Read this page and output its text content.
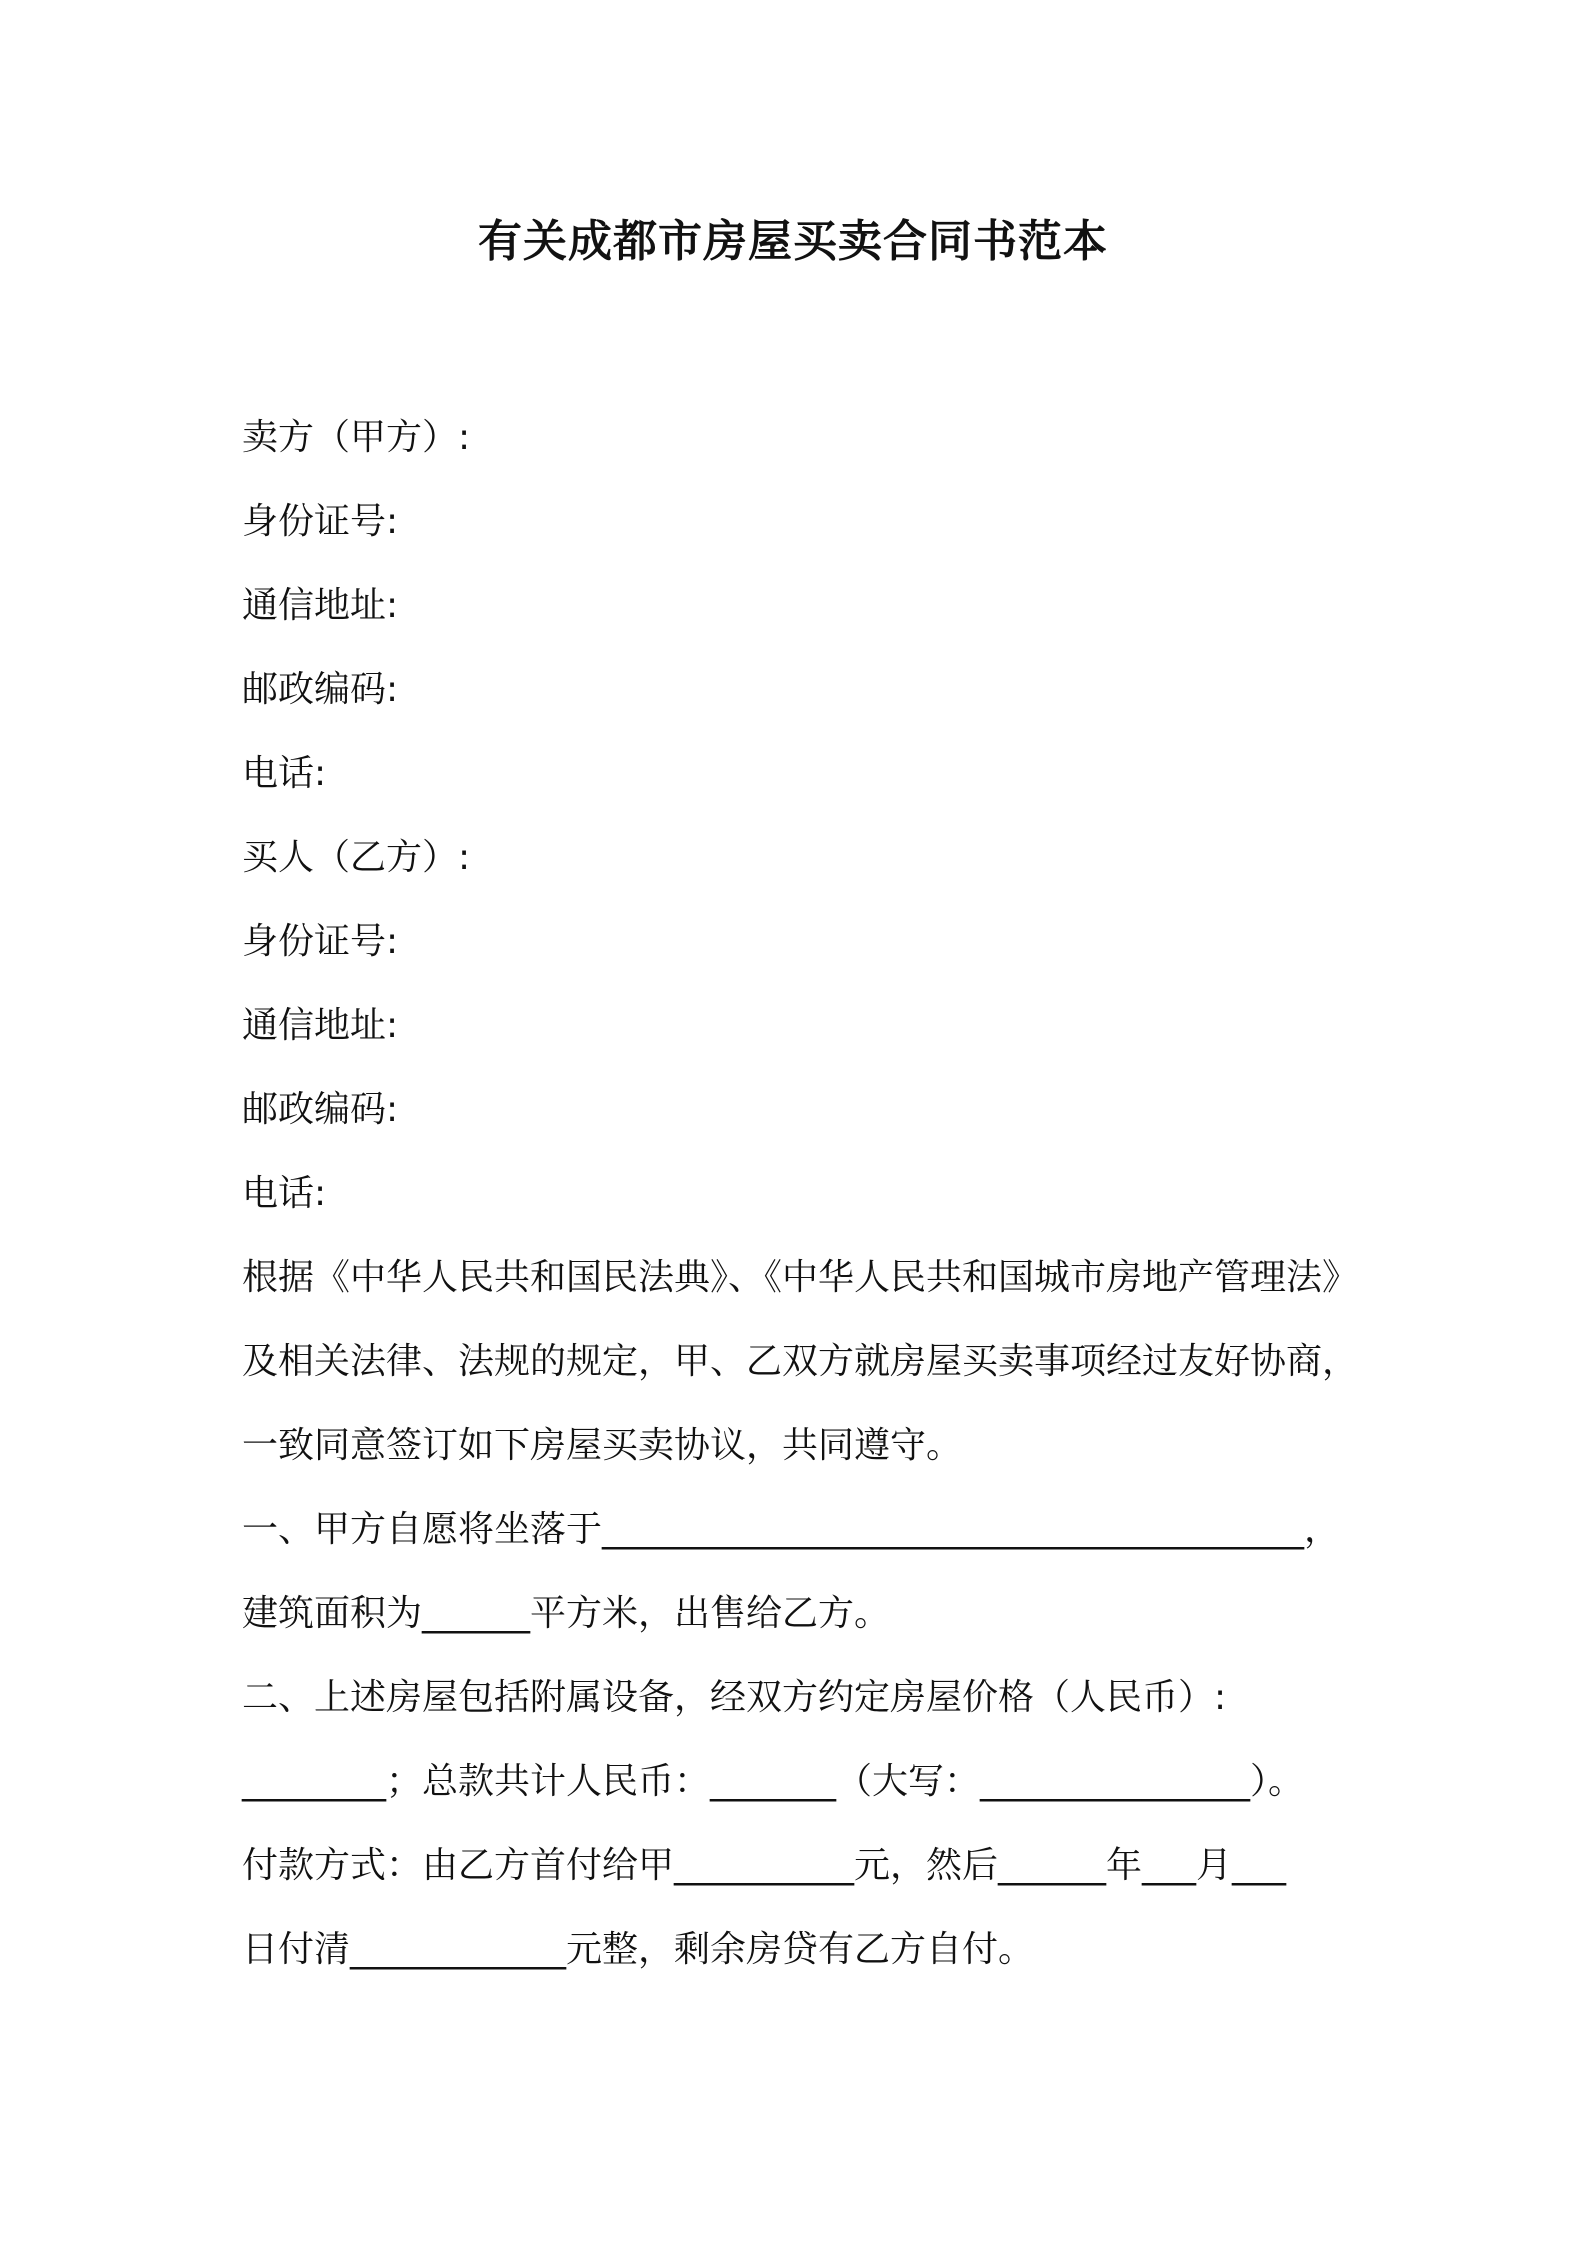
有关成都市房屋买卖合同书范本
卖方（甲方）:
身份证号:
通信地址:
邮政编码:
电话:
买人（乙方）:
身份证号:
通信地址:
邮政编码:
电话:
根据《中华人民共和国民法典》、《中华人民共和国城市房地产管理法》
及相关法律、法规的规定，甲、乙双方就房屋买卖事项经过友好协商，
一致同意签订如下房屋买卖协议，共同遵守。
一、甲方自愿将坐落于_______________________________________，
建筑面积为______平方米，出售给乙方。
二、上述房屋包括附属设备，经双方约定房屋价格（人民币）:
________；总款共计人民币：_______（大写：_______________）。
付款方式：由乙方首付给甲__________元，然后______年___月___
日付清____________元整，剩余房贷有乙方自付。
